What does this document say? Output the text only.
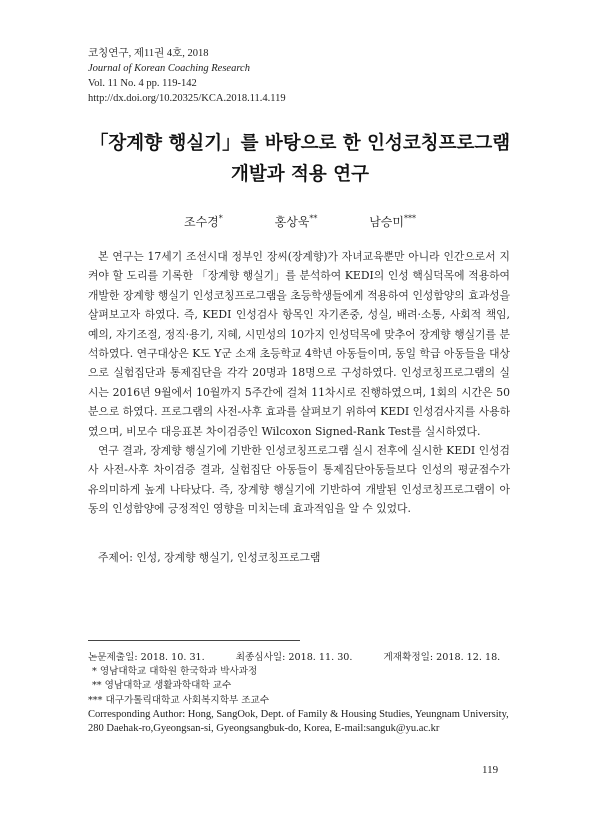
코칭연구, 제11권 4호, 2018
Journal of Korean Coaching Research
Vol. 11 No. 4 pp. 119-142
http://dx.doi.org/10.20325/KCA.2018.11.4.119
「장계향 행실기」를 바탕으로 한 인성코칭프로그램
개발과 적용 연구
조수경*	홍상욱**	남승미***

본 연구는 17세기 조선시대 정부인 장씨(장계향)가 자녀교육뿐만 아니라 인간으로서 지켜야 할 도리를 기록한 「장계향 행실기」를 분석하여 KEDI의 인성 핵심덕목에 적용하여 개발한 장계향 행실기 인성코칭프로그램을 초등학생들에게 적용하여 인성함양의 효과성을 살펴보고자 하였다. 즉, KEDI 인성검사 항목인 자기존중, 성실, 배려·소통, 사회적 책임, 예의, 자기조절, 정직·용기, 지혜, 시민성의 10가지 인성덕목에 맞추어 장계향 행실기를 분석하였다. 연구대상은 K도 Y군 소재 초등학교 4학년 아동들이며, 동일 학급 아동들을 대상으로 실험집단과 통제집단을 각각 20명과 18명으로 구성하였다. 인성코칭프로그램의 실시는 2016년 9월에서 10월까지 5주간에 걸쳐 11차시로 진행하였으며, 1회의 시간은 50분으로 하였다. 프로그램의 사전-사후 효과를 살펴보기 위하여 KEDI 인성검사지를 사용하였으며, 비모수 대응표본 차이검증인 Wilcoxon Signed-Rank Test를 실시하였다.

연구 결과, 장계향 행실기에 기반한 인성코칭프로그램 실시 전후에 실시한 KEDI 인성검사 사전-사후 차이검증 결과, 실험집단 아동들이 통제집단아동들보다 인성의 평균점수가 유의미하게 높게 나타났다. 즉, 장계향 행실기에 기반하여 개발된 인성코칭프로그램이 아동의 인성함양에 긍정적인 영향을 미치는데 효과적임을 알 수 있었다.

주제어: 인성, 장계향 행실기, 인성코칭프로그램
논문제출일: 2018. 10. 31.	최종심사일: 2018. 11. 30.	게재확정일: 2018. 12. 18.
* 영남대학교 대학원 한국학과 박사과정
** 영남대학교 생활과학대학 교수
*** 대구가톨릭대학교 사회복지학부 조교수
Corresponding Author: Hong, SangOok, Dept. of Family & Housing Studies, Yeungnam University,
280 Daehak-ro,Gyeongsan-si, Gyeongsangbuk-do, Korea, E-mail:sanguk@yu.ac.kr
119
